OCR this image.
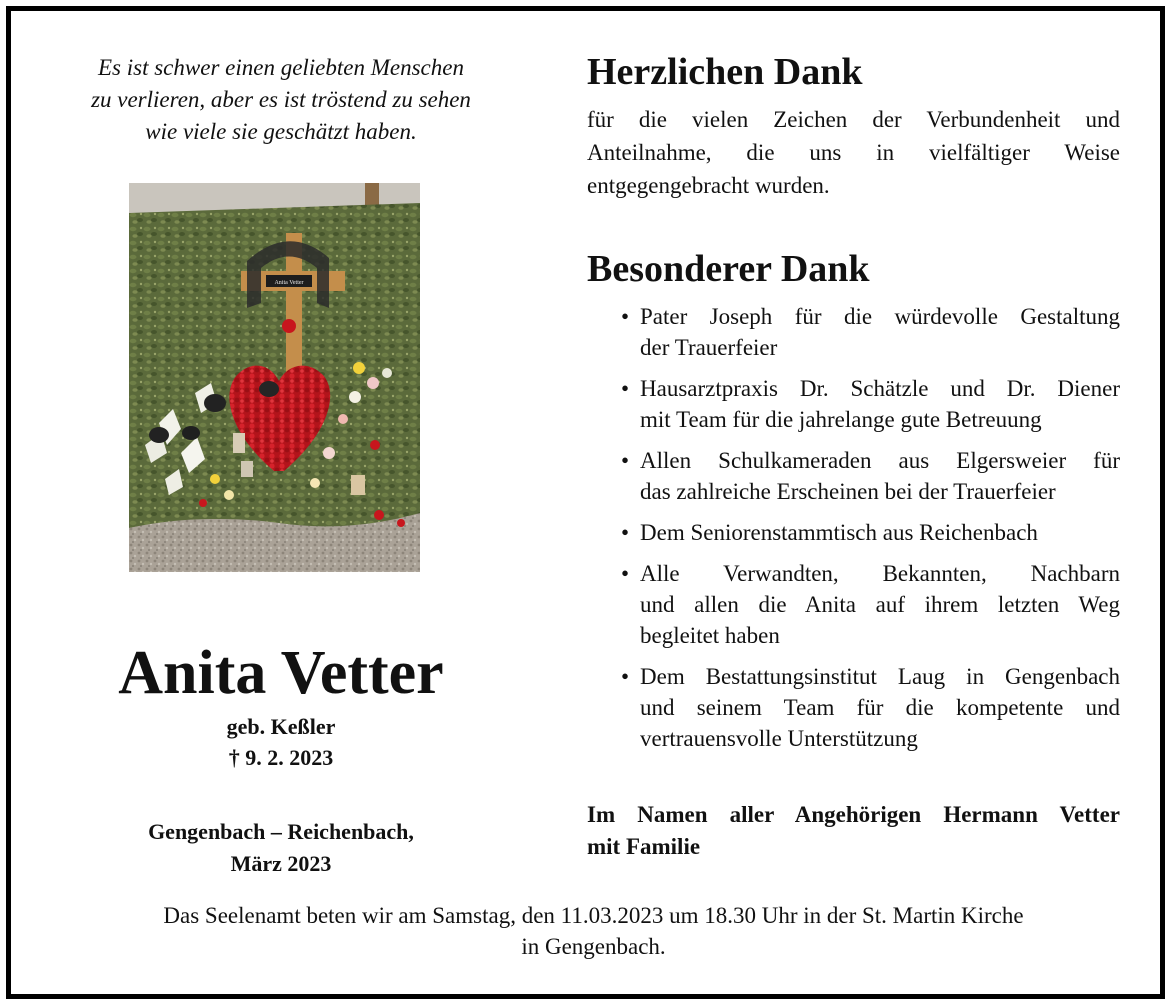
Es ist schwer einen geliebten Menschen
zu verlieren, aber es ist tröstend zu sehen
wie viele sie geschätzt haben.
Anita Vetter
Anita Vetter
geb. Keßler
† 9. 2. 2023
Gengenbach – Reichenbach,
März 2023
Herzlichen Dank
für die vielen Zeichen der Verbundenheit und
Anteilnahme, die uns in vielfältiger Weise
entgegengebracht wurden.
Besonderer Dank
• Pater Joseph für die würdevolle Gestaltung
der Trauerfeier
• Hausarztpraxis Dr. Schätzle und Dr. Diener
mit Team für die jahrelange gute Betreuung
• Allen Schulkameraden aus Elgersweier für
das zahlreiche Erscheinen bei der Trauerfeier
• Dem Seniorenstammtisch aus Reichenbach
• Alle Verwandten, Bekannten, Nachbarn
und allen die Anita auf ihrem letzten Weg
begleitet haben
• Dem Bestattungsinstitut Laug in Gengenbach
und seinem Team für die kompetente und
vertrauensvolle Unterstützung
Im Namen aller Angehörigen Hermann Vetter
mit Familie
Das Seelenamt beten wir am Samstag, den 11.03.2023 um 18.30 Uhr in der St. Martin Kirche
in Gengenbach.
